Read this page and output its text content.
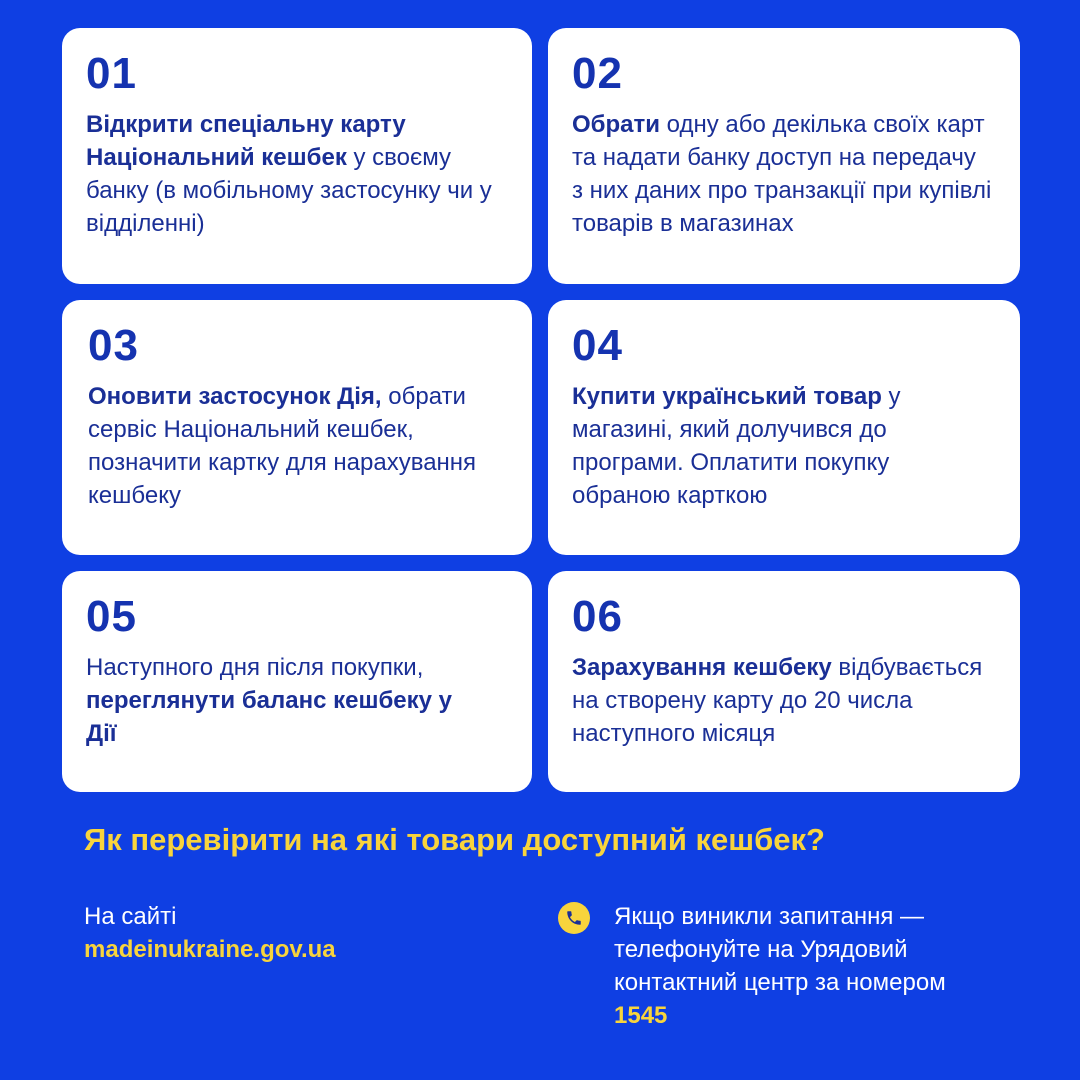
01
Відкрити спеціальну карту Національний кешбек у своєму банку (в мобільному застосунку чи у відділенні)
02
Обрати одну або декілька своїх карт та надати банку доступ на передачу з них даних про транзакції при купівлі товарів в магазинах
03
Оновити застосунок Дія, обрати сервіс Національний кешбек, позначити картку для нарахування кешбеку
04
Купити український товар у магазині, який долучився до програми. Оплатити покупку обраною карткою
05
Наступного дня після покупки, переглянути баланс кешбеку у Дії
06
Зарахування кешбеку відбувається на створену карту до 20 числа наступного місяця
Як перевірити на які товари доступний кешбек?
На сайті
madeinukraine.gov.ua
Якщо виникли запитання — телефонуйте на Урядовий контактний центр за номером 1545
